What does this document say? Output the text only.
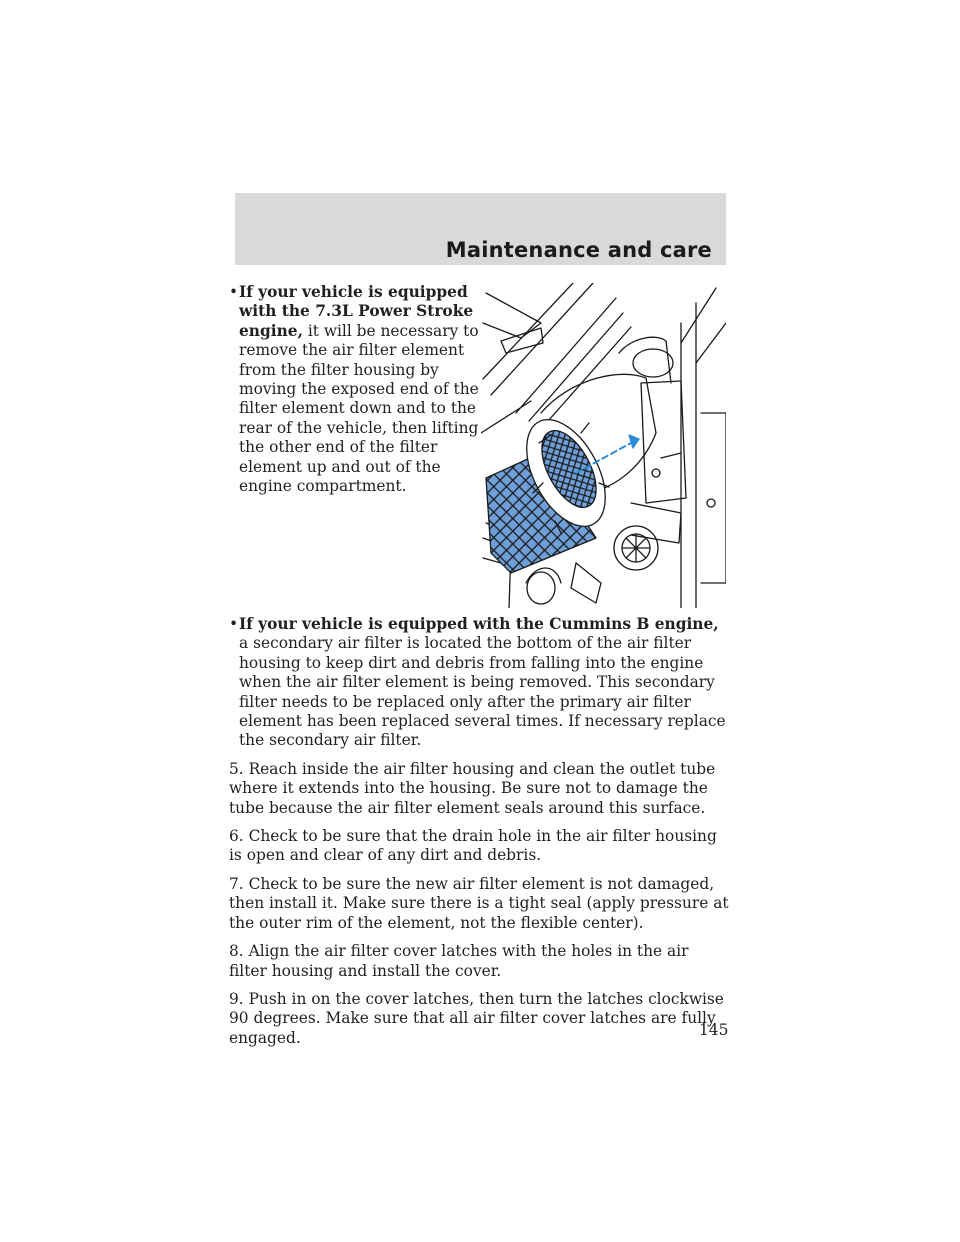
Maintenance and care
• If your vehicle is equipped with the 7.3L Power Stroke engine, it will be necessary to remove the air filter element from the filter housing by moving the exposed end of the filter element down and to the rear of the vehicle, then lifting the other end of the filter element up and out of the engine compartment.
• If your vehicle is equipped with the Cummins B engine, a secondary air filter is located the bottom of the air filter housing to keep dirt and debris from falling into the engine when the air filter element is being removed. This secondary filter needs to be replaced only after the primary air filter element has been replaced several times. If necessary replace the secondary air filter.

5. Reach inside the air filter housing and clean the outlet tube where it extends into the housing. Be sure not to damage the tube because the air filter element seals around this surface.

6. Check to be sure that the drain hole in the air filter housing is open and clear of any dirt and debris.

7. Check to be sure the new air filter element is not damaged, then install it. Make sure there is a tight seal (apply pressure at the outer rim of the element, not the flexible center).

8. Align the air filter cover latches with the holes in the air filter housing and install the cover.

9. Push in on the cover latches, then turn the latches clockwise 90 degrees. Make sure that all air filter cover latches are fully engaged.	145
